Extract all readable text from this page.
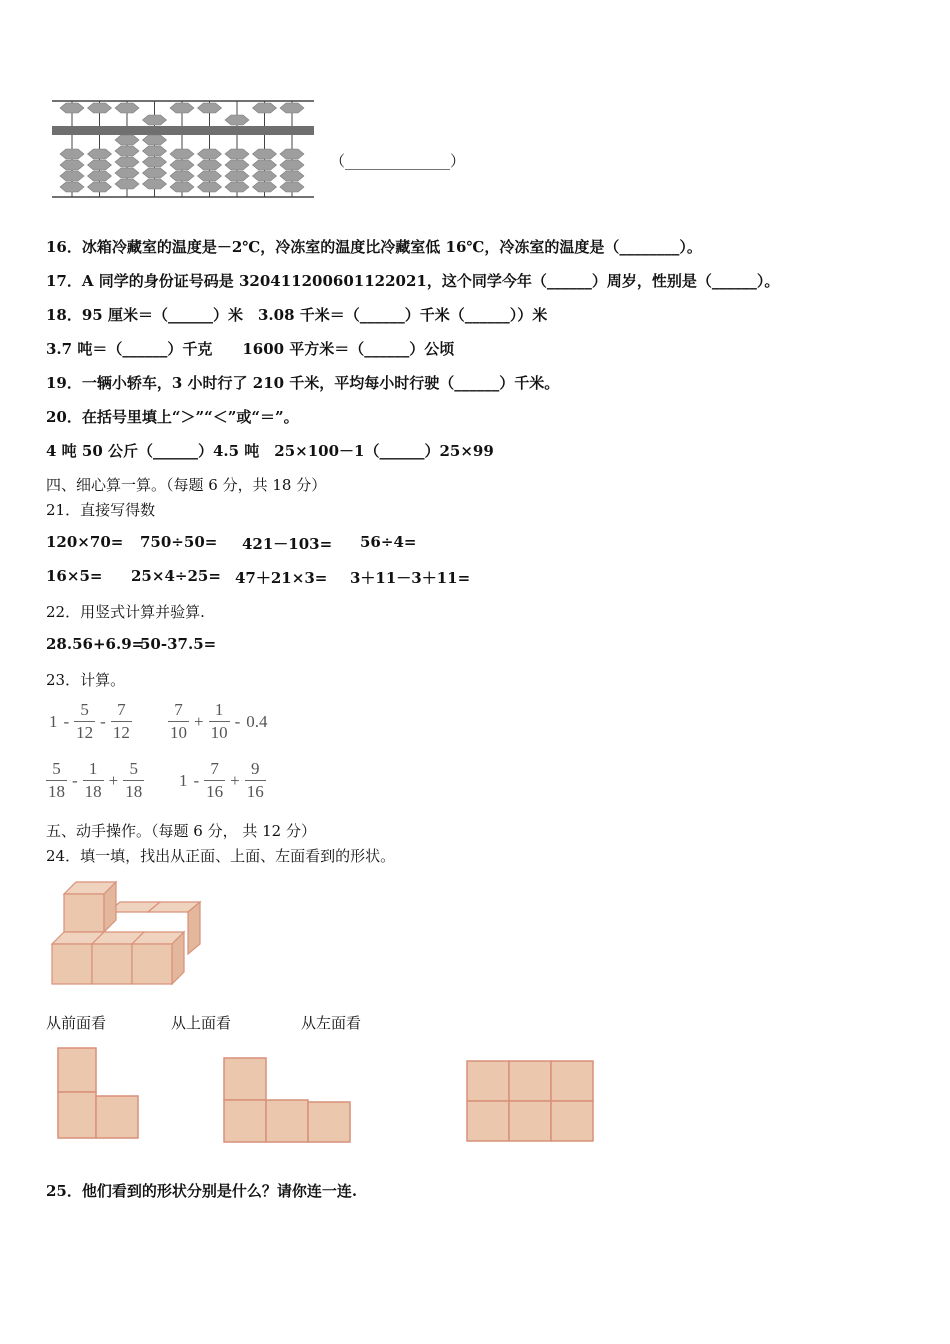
（______________）
16．冰箱冷藏室的温度是－2℃，冷冻室的温度比冷藏室低 16℃，冷冻室的温度是（________）。
17．A 同学的身份证号码是 320411200601122021，这个同学今年（______）周岁，性别是（______）。
18．95 厘米＝（______）米　3.08 千米＝（______）千米（______））米
3.7 吨＝（______）千克　　1600 平方米＝（______）公顷
19．一辆小轿车，3 小时行了 210 千米，平均每小时行驶（______）千米。
20．在括号里填上“＞”“＜”或“＝”。
4 吨 50 公斤（______）4.5 吨　25×100－1（______）25×99
四、细心算一算。（每题 6 分，共 18 分）
21．直接写得数
120×70= 750÷50= 421－103= 56÷4=
16×5= 25×4÷25= 47＋21×3= 3＋11－3＋11=
22．用竖式计算并验算.
28.56+6.9=
50-37.5=
23．计算。
$1 - \frac{5}{12} - \frac{7}{12} \frac{7}{10} + \frac{1}{10} - 0.4$
$\frac{5}{18} - \frac{1}{18} + \frac{5}{18} 1 - \frac{7}{16} + \frac{9}{16}$
五、动手操作。（每题 6 分， 共 12 分）
24．填一填，找出从正面、上面、左面看到的形状。
从前面看	从上面看	从左面看
25．他们看到的形状分别是什么？请你连一连.
